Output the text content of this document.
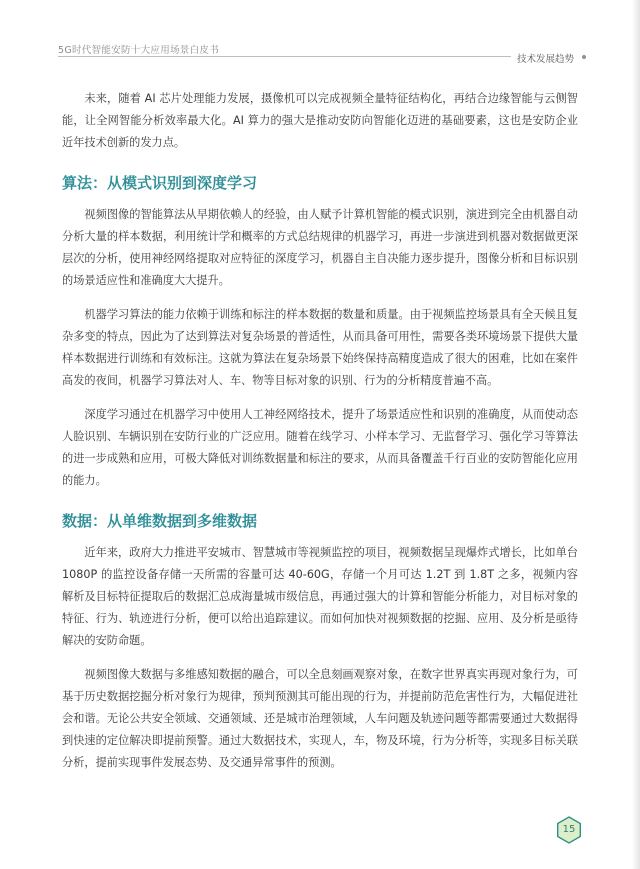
5G时代智能安防十大应用场景白皮书
技术发展趋势

未来，随着 AI 芯片处理能力发展，摄像机可以完成视频全量特征结构化，再结合边缘智能与云侧智能，让全网智能分析效率最大化。AI 算力的强大是推动安防向智能化迈进的基础要素，这也是安防企业近年技术创新的发力点。

算法：从模式识别到深度学习

视频图像的智能算法从早期依赖人的经验，由人赋予计算机智能的模式识别，演进到完全由机器自动分析大量的样本数据，利用统计学和概率的方式总结规律的机器学习，再进一步演进到机器对数据做更深层次的分析，使用神经网络提取对应特征的深度学习，机器自主自决能力逐步提升，图像分析和目标识别的场景适应性和准确度大大提升。

机器学习算法的能力依赖于训练和标注的样本数据的数量和质量。由于视频监控场景具有全天候且复杂多变的特点，因此为了达到算法对复杂场景的普适性，从而具备可用性，需要各类环境场景下提供大量样本数据进行训练和有效标注。这就为算法在复杂场景下始终保持高精度造成了很大的困难，比如在案件高发的夜间，机器学习算法对人、车、物等目标对象的识别、行为的分析精度普遍不高。

深度学习通过在机器学习中使用人工神经网络技术，提升了场景适应性和识别的准确度，从而使动态人脸识别、车辆识别在安防行业的广泛应用。随着在线学习、小样本学习、无监督学习、强化学习等算法的进一步成熟和应用，可极大降低对训练数据量和标注的要求，从而具备覆盖千行百业的安防智能化应用的能力。

数据：从单维数据到多维数据

近年来，政府大力推进平安城市、智慧城市等视频监控的项目，视频数据呈现爆炸式增长，比如单台 1080P 的监控设备存储一天所需的容量可达 40-60G，存储一个月可达 1.2T 到 1.8T 之多，视频内容解析及目标特征提取后的数据汇总成海量城市级信息，再通过强大的计算和智能分析能力，对目标对象的特征、行为、轨迹进行分析，便可以给出追踪建议。而如何加快对视频数据的挖掘、应用、及分析是亟待解决的安防命题。

视频图像大数据与多维感知数据的融合，可以全息刻画观察对象，在数字世界真实再现对象行为，可基于历史数据挖掘分析对象行为规律，预判预测其可能出现的行为，并提前防范危害性行为，大幅促进社会和谐。无论公共安全领域、交通领域、还是城市治理领域，人车问题及轨迹问题等都需要通过大数据得到快速的定位解决即提前预警。通过大数据技术，实现人，车，物及环境，行为分析等，实现多目标关联分析，提前实现事件发展态势、及交通异常事件的预测。

15
